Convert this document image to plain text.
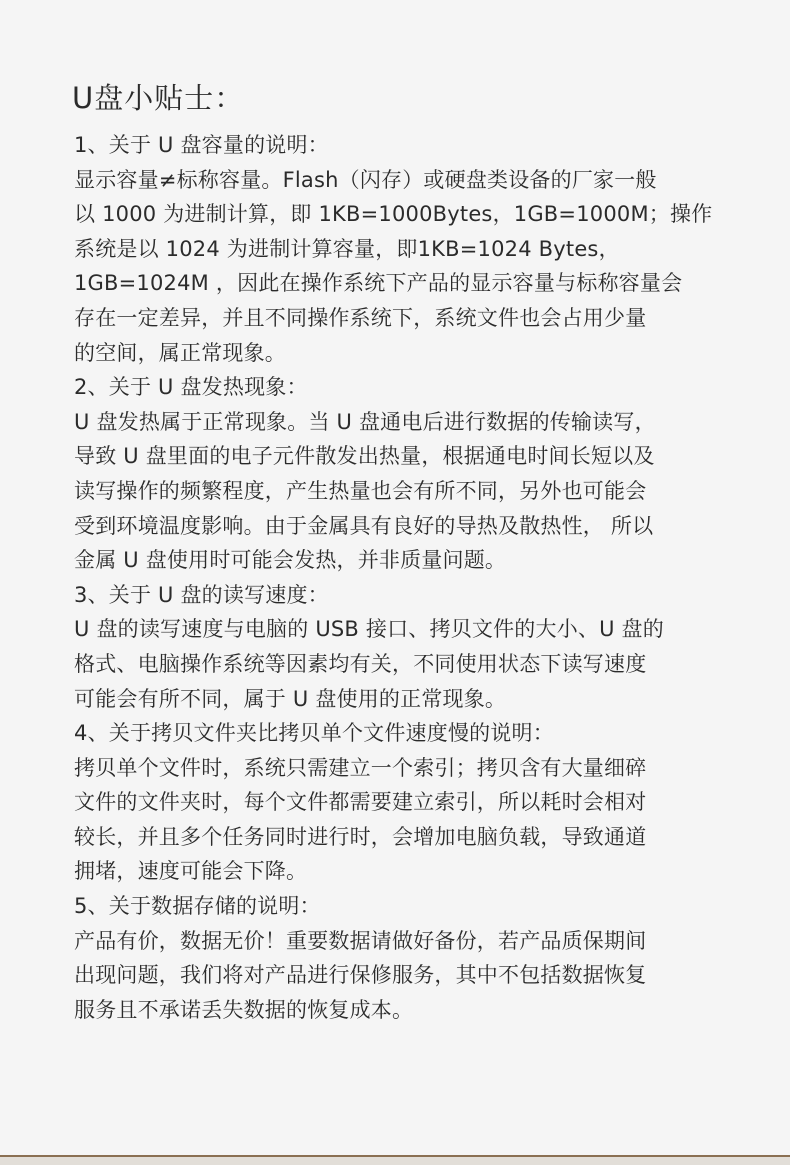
U盘小贴士：
1、关于 U 盘容量的说明：
显示容量≠标称容量。Flash（闪存）或硬盘类设备的厂家一般
以 1000 为进制计算，即 1KB=1000Bytes，1GB=1000M；操作
系统是以 1024 为进制计算容量，即1KB=1024 Bytes，
1GB=1024M ，因此在操作系统下产品的显示容量与标称容量会
存在一定差异，并且不同操作系统下，系统文件也会占用少量
的空间，属正常现象。
2、关于 U 盘发热现象：
U 盘发热属于正常现象。当 U 盘通电后进行数据的传输读写，
导致 U 盘里面的电子元件散发出热量，根据通电时间长短以及
读写操作的频繁程度，产生热量也会有所不同，另外也可能会
受到环境温度影响。由于金属具有良好的导热及散热性， 所以
金属 U 盘使用时可能会发热，并非质量问题。
3、关于 U 盘的读写速度：
U 盘的读写速度与电脑的 USB 接口、拷贝文件的大小、U 盘的
格式、电脑操作系统等因素均有关，不同使用状态下读写速度
可能会有所不同，属于 U 盘使用的正常现象。
4、关于拷贝文件夹比拷贝单个文件速度慢的说明：
拷贝单个文件时，系统只需建立一个索引；拷贝含有大量细碎
文件的文件夹时，每个文件都需要建立索引，所以耗时会相对
较长，并且多个任务同时进行时，会增加电脑负载，导致通道
拥堵，速度可能会下降。
5、关于数据存储的说明：
产品有价，数据无价！重要数据请做好备份，若产品质保期间
出现问题，我们将对产品进行保修服务，其中不包括数据恢复
服务且不承诺丢失数据的恢复成本。
